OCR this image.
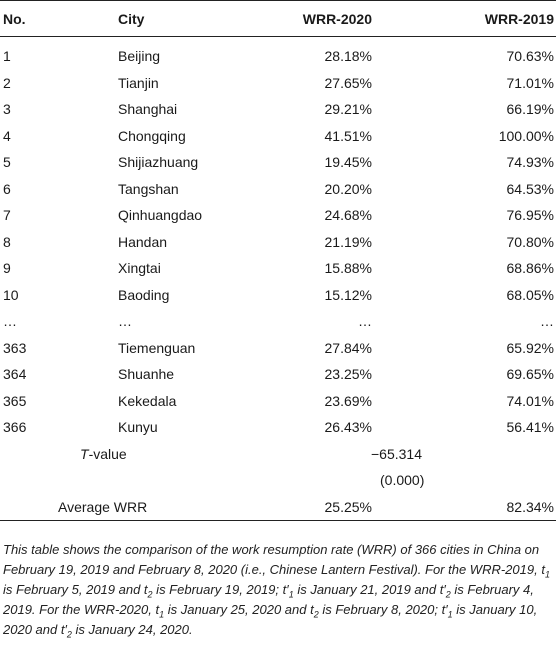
No.	City	WRR-2020	WRR-2019
1	Beijing	28.18%	70.63%
2	Tianjin	27.65%	71.01%
3	Shanghai	29.21%	66.19%
4	Chongqing	41.51%	100.00%
5	Shijiazhuang	19.45%	74.93%
6	Tangshan	20.20%	64.53%
7	Qinhuangdao	24.68%	76.95%
8	Handan	21.19%	70.80%
9	Xingtai	15.88%	68.86%
10	Baoding	15.12%	68.05%
…	…	…	…
363	Tiemenguan	27.84%	65.92%
364	Shuanhe	23.25%	69.65%
365	Kekedala	23.69%	74.01%
366	Kunyu	26.43%	56.41%
	T-value	−65.314	
		(0.000)	
Average WRR		25.25%	82.34%
This table shows the comparison of the work resumption rate (WRR) of 366 cities in China on February 19, 2019 and February 8, 2020 (i.e., Chinese Lantern Festival). For the WRR-2019, $t_1$ is February 5, 2019 and $t_2$ is February 19, 2019; $t'_1$ is January 21, 2019 and $t'_2$ is February 4, 2019. For the WRR-2020, $t_1$ is January 25, 2020 and $t_2$ is February 8, 2020; $t'_1$ is January 10, 2020 and $t'_2$ is January 24, 2020.
